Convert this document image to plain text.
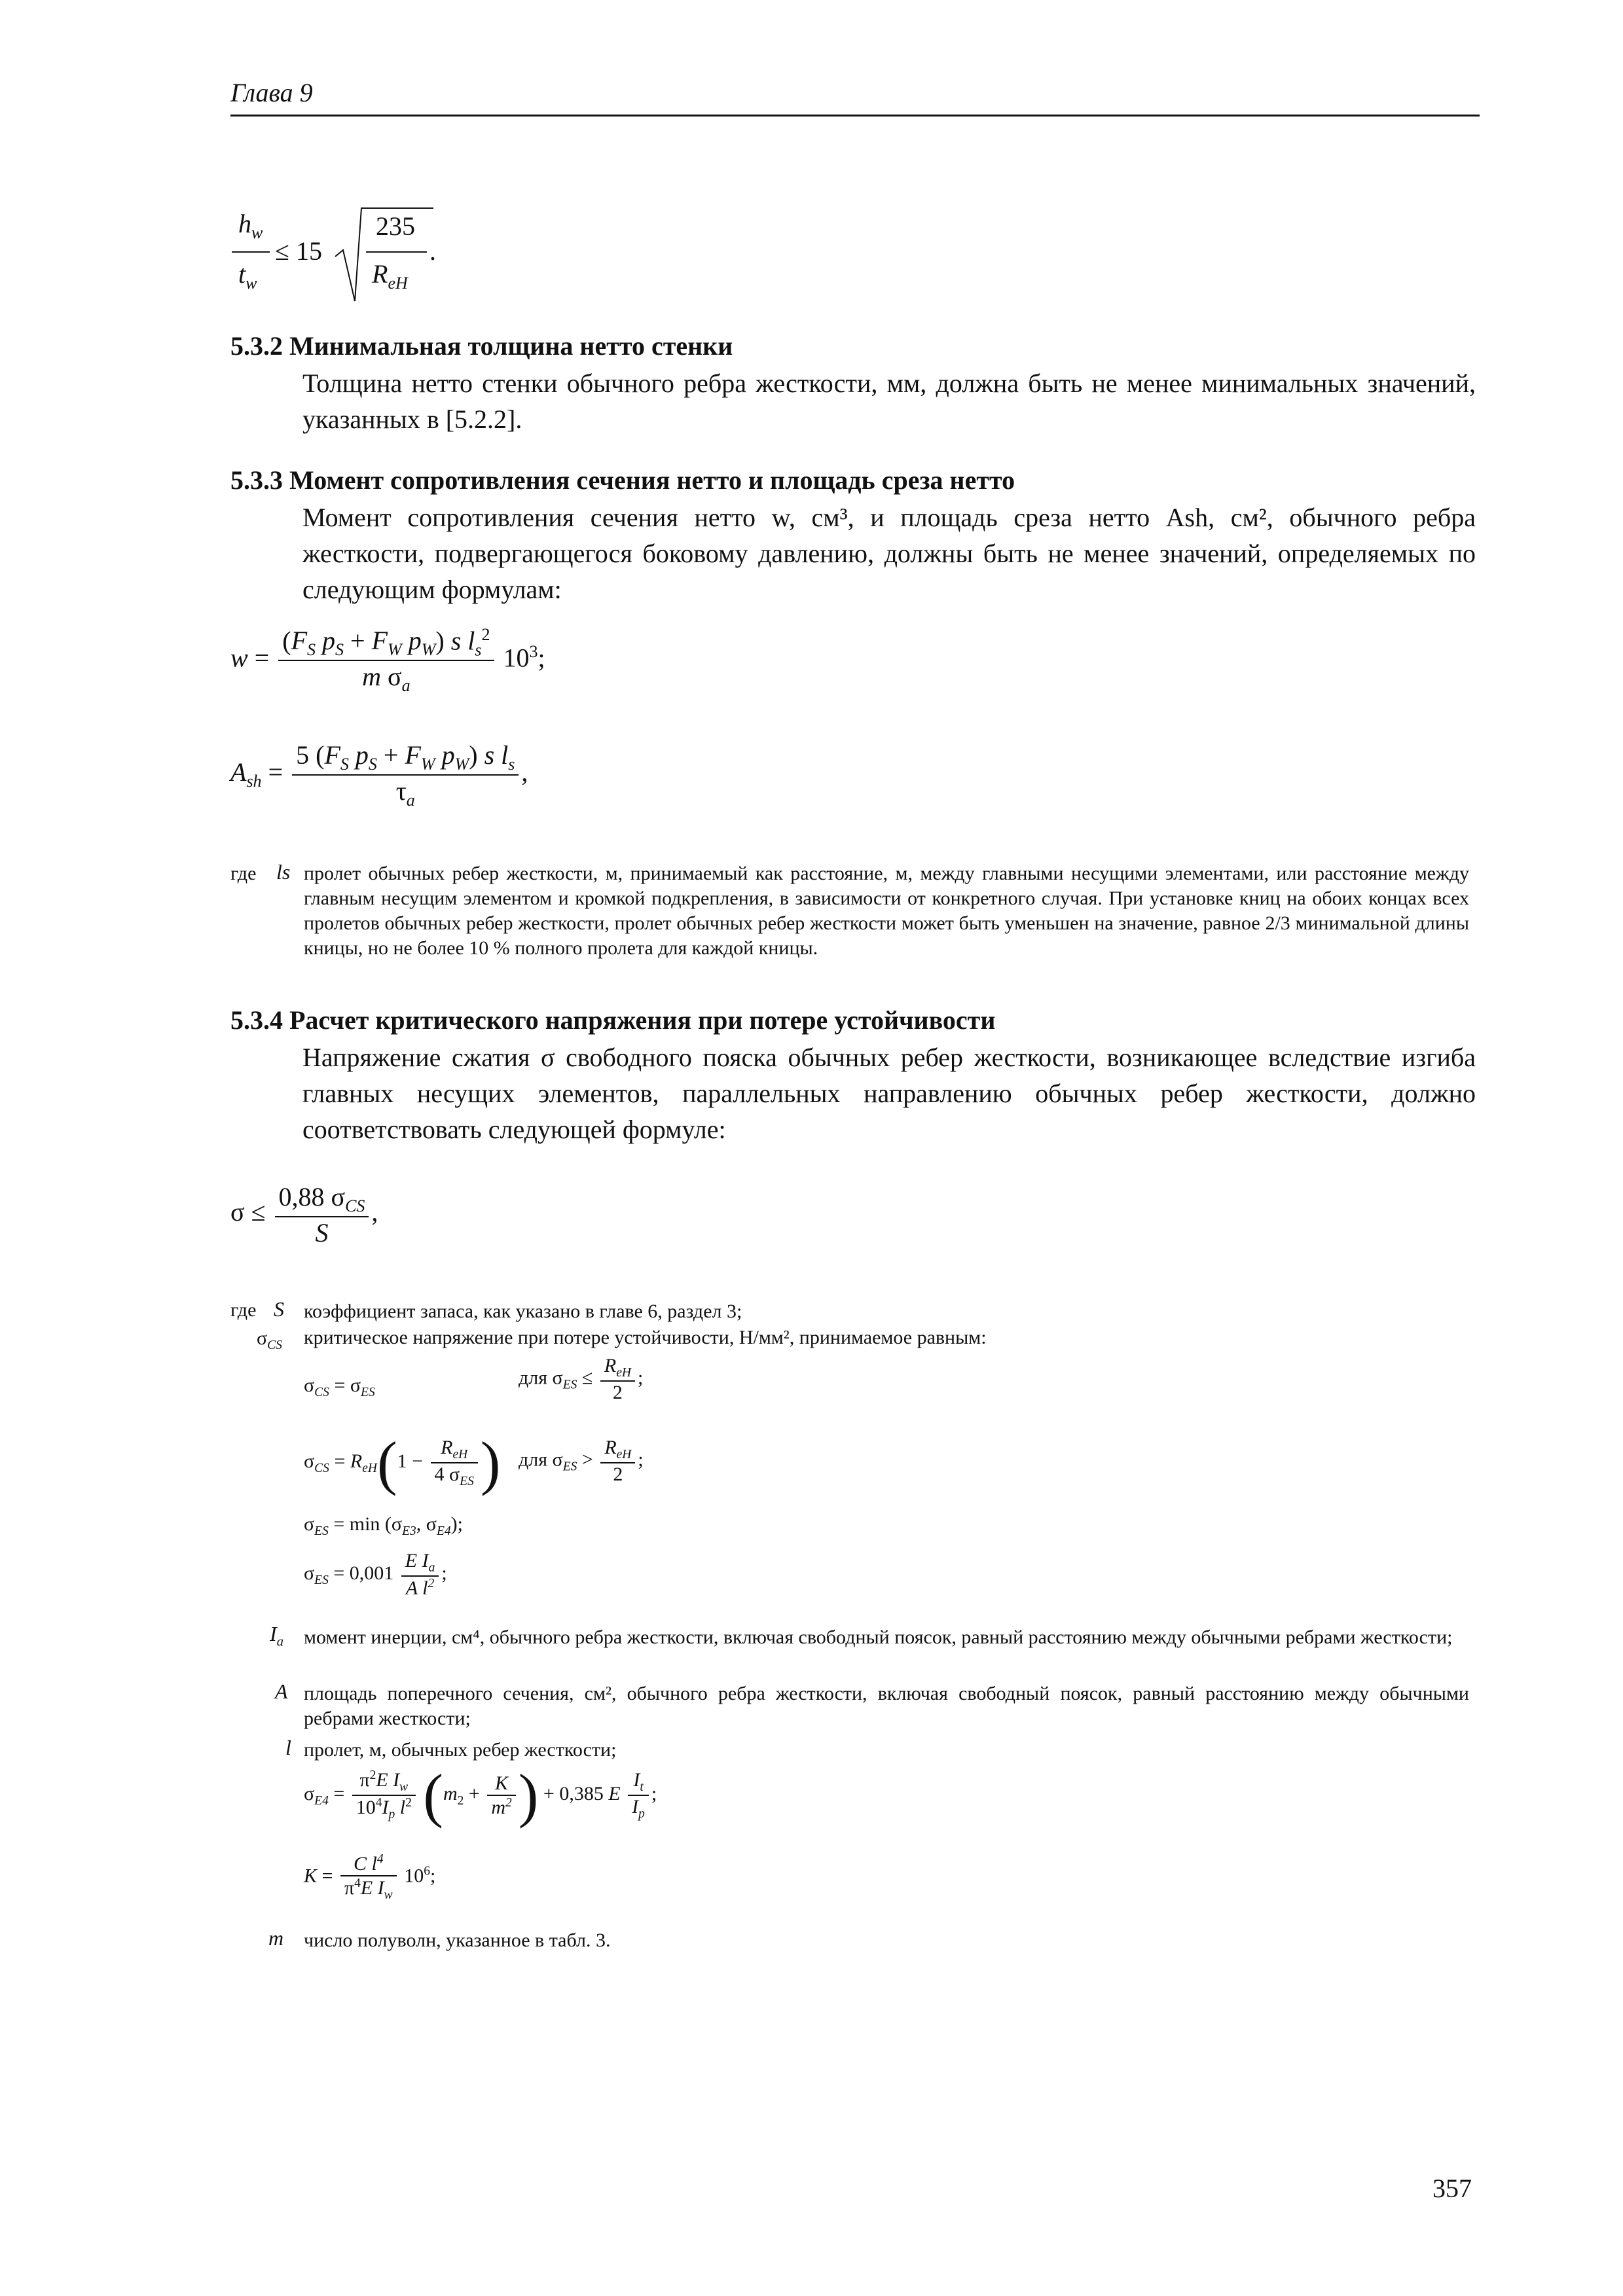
Глава 9
$h_w$
$t_w$
≤ 15
235
$R_{eH}$
.
5.3.2 Минимальная толщина нетто стенки
Толщина нетто стенки обычного ребра жесткости, мм, должна быть не менее минимальных значений, указанных в [5.2.2].
5.3.3 Момент сопротивления сечения нетто и площадь среза нетто
Момент сопротивления сечения нетто w, см³, и площадь среза нетто Ash, см², обычного ребра жесткости, подвергающегося боковому давлению, должны быть не менее значений, определяемых по следующим формулам:
$w = \frac{(F_S p_S + F_W p_W) s l_s^2}{m \sigma_a} 10^3$;
$A_{sh} = \frac{5 (F_S p_S + F_W p_W) s l_s}{\tau_a}$ ,
где ls пролет обычных ребер жесткости, м, принимаемый как расстояние, м, между главными несущими элементами, или расстояние между главным несущим элементом и кромкой подкрепления, в зависимости от конкретного случая. При установке книц на обоих концах всех пролетов обычных ребер жесткости, пролет обычных ребер жесткости может быть уменьшен на значение, равное 2/3 минимальной длины кницы, но не более 10 % полного пролета для каждой кницы.
5.3.4 Расчет критического напряжения при потере устойчивости
Напряжение сжатия σ свободного пояска обычных ребер жесткости, возникающее вследствие изгиба главных несущих элементов, параллельных направлению обычных ребер жесткости, должно соответствовать следующей формуле:
$\sigma \le \frac{0,88 \sigma_{CS}}{S}$ ,
где S коэффициент запаса, как указано в главе 6, раздел 3;
$\sigma_{CS}$ критическое напряжение при потере устойчивости, Н/мм², принимаемое равным:
$\sigma_{CS} = \sigma_{ES}$
для $\sigma_{ES} \le \frac{R_{eH}}{2}$ ;
$\sigma_{CS} = R_{eH}(1 - \frac{R_{eH}}{4 \sigma_{ES}}$ ) для $\sigma_{ES} > \frac{R_{eH}}{2}$ ;
$\sigma_{ES} = \min (\sigma_{E3}$, $\sigma_{E4}$);
$\sigma_{ES} = 0,001 \frac{E I_a}{A l^2}$ ;
$I_a$ момент инерции, см⁴, обычного ребра жесткости, включая свободный поясок, равный расстоянию между обычными ребрами жесткости;
A площадь поперечного сечения, см², обычного ребра жесткости, включая свободный поясок, равный расстоянию между обычными ребрами жесткости;
l пролет, м, обычных ребер жесткости;
$\sigma_{E4} = \frac{\pi^2E I_w}{10^4I_p l^2} (m_2 + \frac{K}{m^2}$ ) + 0,385 E $\frac{I_t}{I_p}$ ;
$K = \frac{C l^4}{\pi^4E I_w} 10^6$;
m число полуволн, указанное в табл. 3.
357
